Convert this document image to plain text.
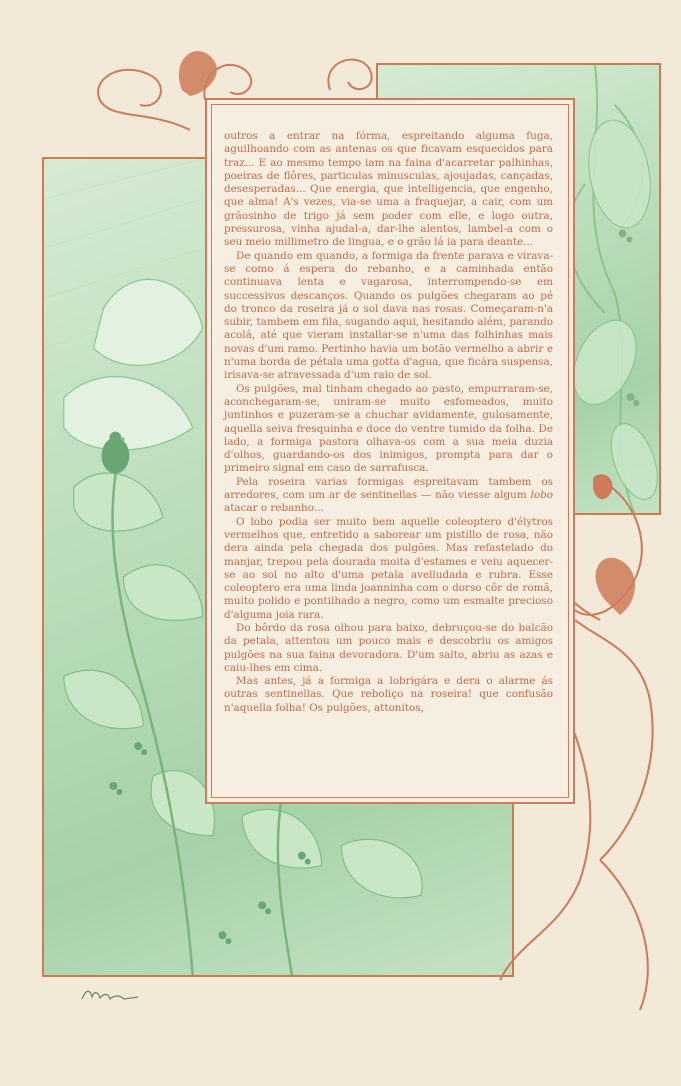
outros a entrar na fórma, espreitando alguma fuga, aguilhoando com as antenas os que ficavam esquecidos para traz... E ao mesmo tempo iam na faina d'acarretar palhinhas, poeiras de flôres, particulas minusculas, ajoujadas, cançadas, desesperadas... Que energia, que intelligencia, que engenho, que alma! A's vezes, via-se uma a fraquejar, a cair, com um grãosinho de trigo já sem poder com elle, e logo outra, pressurosa, vinha ajudal-a, dar-lhe alentos, lambel-a com o seu meio millimetro de lingua, e o grão lá ia para deante...

De quando em quando, a formiga da frente parava e virava-se como á espera do rebanho, e a caminhada então continuava lenta e vagarosa, interrompendo-se em successivos descanços. Quando os pulgões chegaram ao pé do tronco da roseira já o sol dava nas rosas. Começaram-n'a subir, tambem em fila, sugando aqui, hesitando além, parando acolá, até que vieram installar-se n'uma das folhinhas mais novas d'um ramo. Pertinho havia um botão vermelho a abrir e n'uma borda de pétala uma gotta d'agua, que ficára suspensa, irisava-se atravessada d'um raio de sol.

Os pulgões, mal tinham chegado ao pasto, empurraram-se, aconchegaram-se, uniram-se muito esfomeados, muito juntinhos e puzeram-se a chuchar avidamente, gulosamente, aquella seiva fresquinha e doce do ventre tumido da folha. De lado, a formiga pastora olhava-os com a sua meia duzia d'olhos, guardando-os dos inimigos, prompta para dar o primeiro signal em caso de sarrafusca.

Pela roseira varias formigas espreitavam tambem os arredores, com um ar de sentinellas — não viesse algum lobo atacar o rebanho...

O lobo podia ser muito bem aquelle coleoptero d'élytros vermelhos que, entretido a saborear um pistillo de rosa, não dera ainda pela chegada dos pulgões. Mas refastelado do manjar, trepou pela dourada moita d'estames e veiu aquecer-se ao sol no alto d'uma petala avelludada e rubra. Esse coleoptero era uma linda joanninha com o dorso côr de romã, muito polido e pontilhado a negro, como um esmalte precioso d'alguma joia rara.

Do bôrdo da rosa olhou para baixo, debruçou-se do balcão da petala, attentou um pouco mais e descobriu os amigos pulgões na sua faina devoradora. D'um salto, abriu as azas e caiu-lhes em cima.

Mas antes, já a formiga a lobrigára e dera o alarme ás outras sentinellas. Que reboliço na roseira! que confusão n'aquella folha! Os pulgões, attonitos,
